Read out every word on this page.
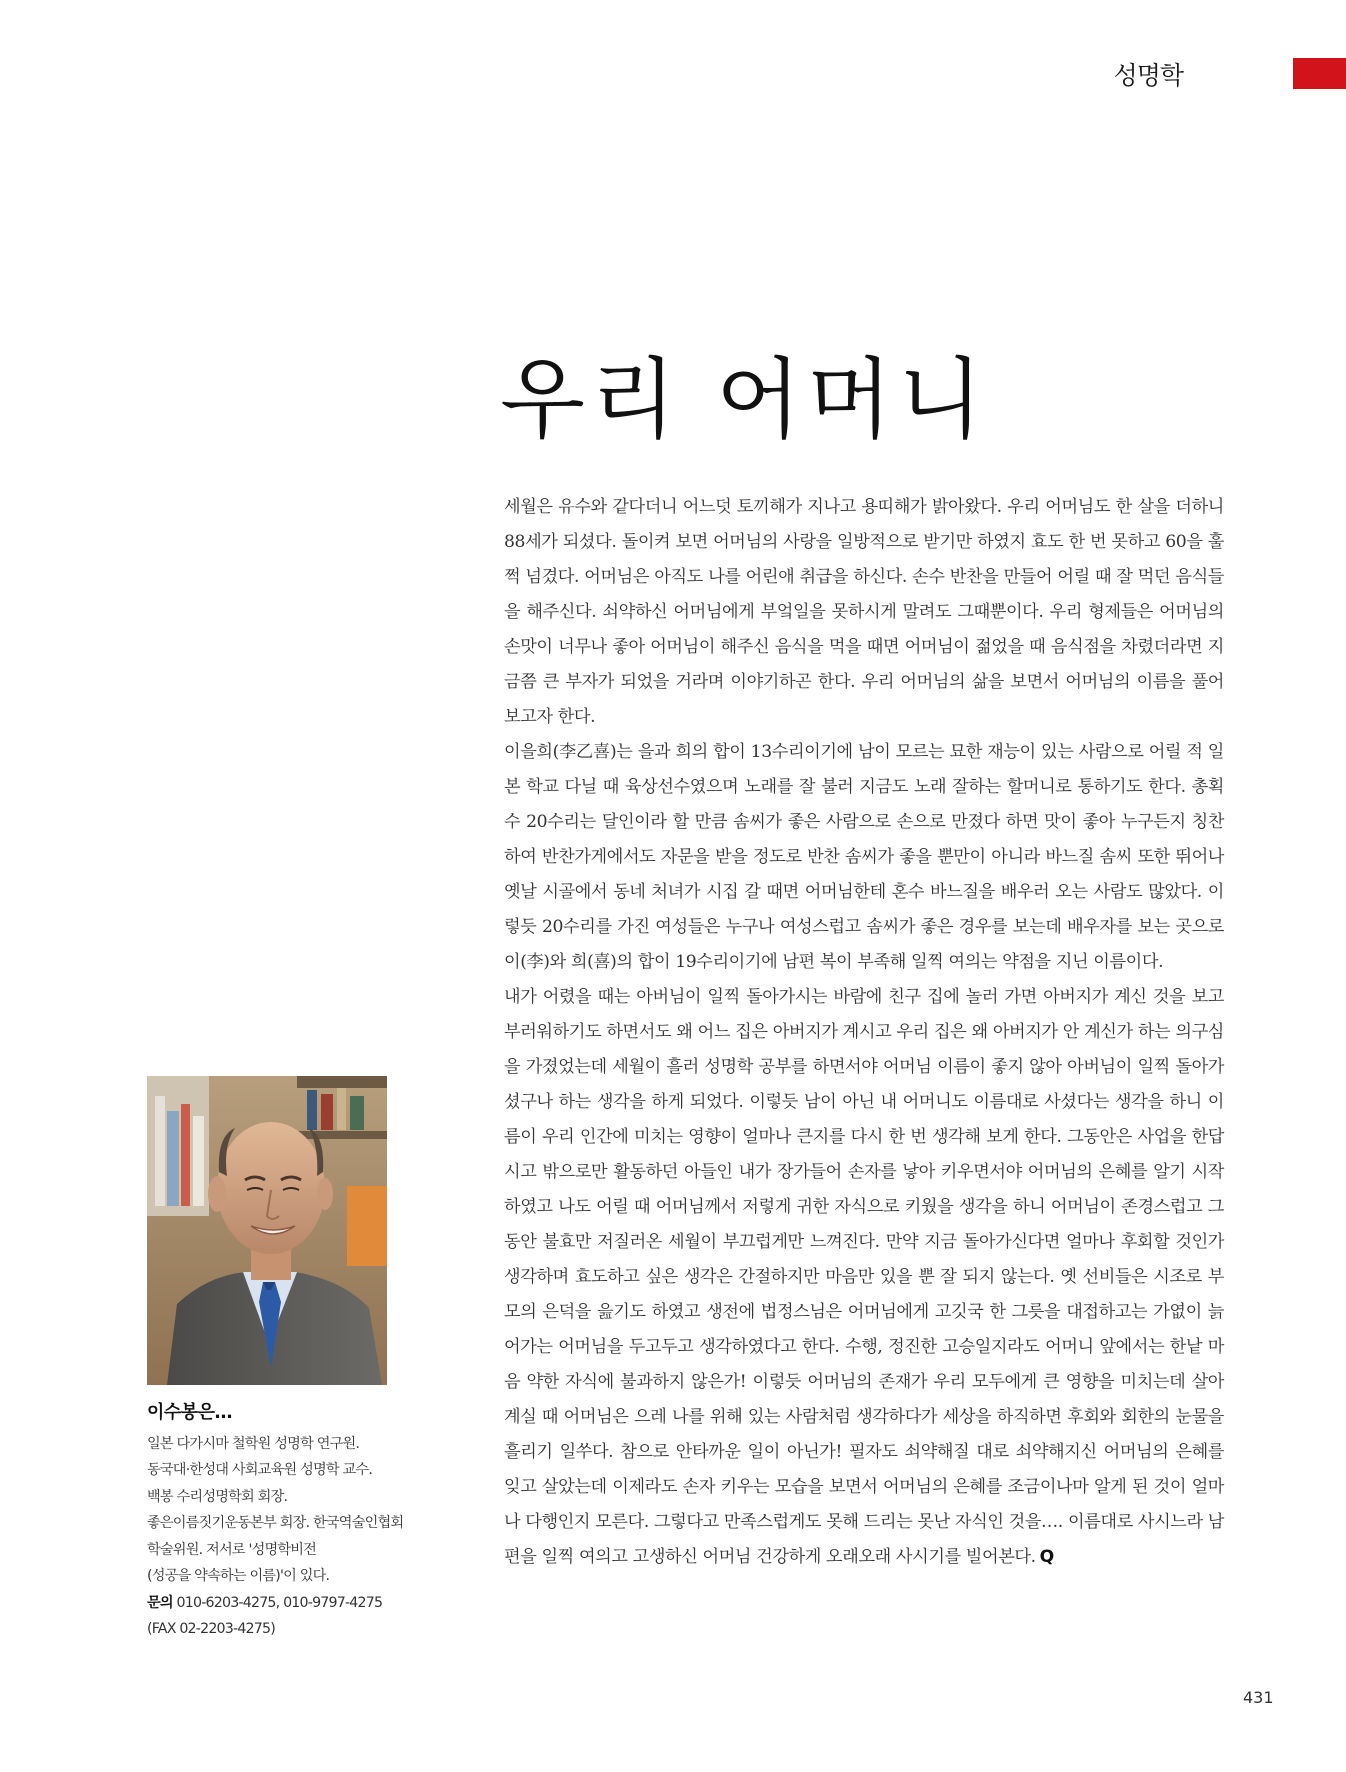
성명학
우리 어머니

세월은 유수와 같다더니 어느덧 토끼해가 지나고 용띠해가 밝아왔다. 우리 어머님도 한 살을 더하니 88세가 되셨다. 돌이켜 보면 어머님의 사랑을 일방적으로 받기만 하였지 효도 한 번 못하고 60을 훌쩍 넘겼다. 어머님은 아직도 나를 어린애 취급을 하신다. 손수 반찬을 만들어 어릴 때 잘 먹던 음식들을 해주신다. 쇠약하신 어머님에게 부엌일을 못하시게 말려도 그때뿐이다. 우리 형제들은 어머님의 손맛이 너무나 좋아 어머님이 해주신 음식을 먹을 때면 어머님이 젊었을 때 음식점을 차렸더라면 지금쯤 큰 부자가 되었을 거라며 이야기하곤 한다. 우리 어머님의 삶을 보면서 어머님의 이름을 풀어 보고자 한다.

이을희(李乙喜)는 을과 희의 합이 13수리이기에 남이 모르는 묘한 재능이 있는 사람으로 어릴 적 일본 학교 다닐 때 육상선수였으며 노래를 잘 불러 지금도 노래 잘하는 할머니로 통하기도 한다. 총획수 20수리는 달인이라 할 만큼 솜씨가 좋은 사람으로 손으로 만졌다 하면 맛이 좋아 누구든지 칭찬하여 반찬가게에서도 자문을 받을 정도로 반찬 솜씨가 좋을 뿐만이 아니라 바느질 솜씨 또한 뛰어나 옛날 시골에서 동네 처녀가 시집 갈 때면 어머님한테 혼수 바느질을 배우러 오는 사람도 많았다. 이렇듯 20수리를 가진 여성들은 누구나 여성스럽고 솜씨가 좋은 경우를 보는데 배우자를 보는 곳으로 이(李)와 희(喜)의 합이 19수리이기에 남편 복이 부족해 일찍 여의는 약점을 지닌 이름이다.

내가 어렸을 때는 아버님이 일찍 돌아가시는 바람에 친구 집에 놀러 가면 아버지가 계신 것을 보고 부러워하기도 하면서도 왜 어느 집은 아버지가 계시고 우리 집은 왜 아버지가 안 계신가 하는 의구심을 가졌었는데 세월이 흘러 성명학 공부를 하면서야 어머님 이름이 좋지 않아 아버님이 일찍 돌아가셨구나 하는 생각을 하게 되었다. 이렇듯 남이 아닌 내 어머니도 이름대로 사셨다는 생각을 하니 이름이 우리 인간에 미치는 영향이 얼마나 큰지를 다시 한 번 생각해 보게 한다. 그동안은 사업을 한답시고 밖으로만 활동하던 아들인 내가 장가들어 손자를 낳아 키우면서야 어머님의 은혜를 알기 시작하였고 나도 어릴 때 어머님께서 저렇게 귀한 자식으로 키웠을 생각을 하니 어머님이 존경스럽고 그동안 불효만 저질러온 세월이 부끄럽게만 느껴진다. 만약 지금 돌아가신다면 얼마나 후회할 것인가 생각하며 효도하고 싶은 생각은 간절하지만 마음만 있을 뿐 잘 되지 않는다. 옛 선비들은 시조로 부모의 은덕을 읊기도 하였고 생전에 법정스님은 어머님에게 고깃국 한 그릇을 대접하고는 가엾이 늙어가는 어머님을 두고두고 생각하였다고 한다. 수행, 정진한 고승일지라도 어머니 앞에서는 한낱 마음 약한 자식에 불과하지 않은가! 이렇듯 어머님의 존재가 우리 모두에게 큰 영향을 미치는데 살아계실 때 어머님은 으레 나를 위해 있는 사람처럼 생각하다가 세상을 하직하면 후회와 회한의 눈물을 흘리기 일쑤다. 참으로 안타까운 일이 아닌가! 필자도 쇠약해질 대로 쇠약해지신 어머님의 은혜를 잊고 살았는데 이제라도 손자 키우는 모습을 보면서 어머님의 은혜를 조금이나마 알게 된 것이 얼마나 다행인지 모른다. 그렇다고 만족스럽게도 못해 드리는 못난 자식인 것을…. 이름대로 사시느라 남편을 일찍 여의고 고생하신 어머님 건강하게 오래오래 사시기를 빌어본다. Q

이수봉은…
일본 다가시마 철학원 성명학 연구원.
동국대·한성대 사회교육원 성명학 교수.
백봉 수리성명학회 회장.
좋은이름짓기운동본부 회장. 한국역술인협회
학술위원. 저서로 '성명학비전
(성공을 약속하는 이름)'이 있다.
문의 010-6203-4275, 010-9797-4275
(FAX 02-2203-4275)
431
